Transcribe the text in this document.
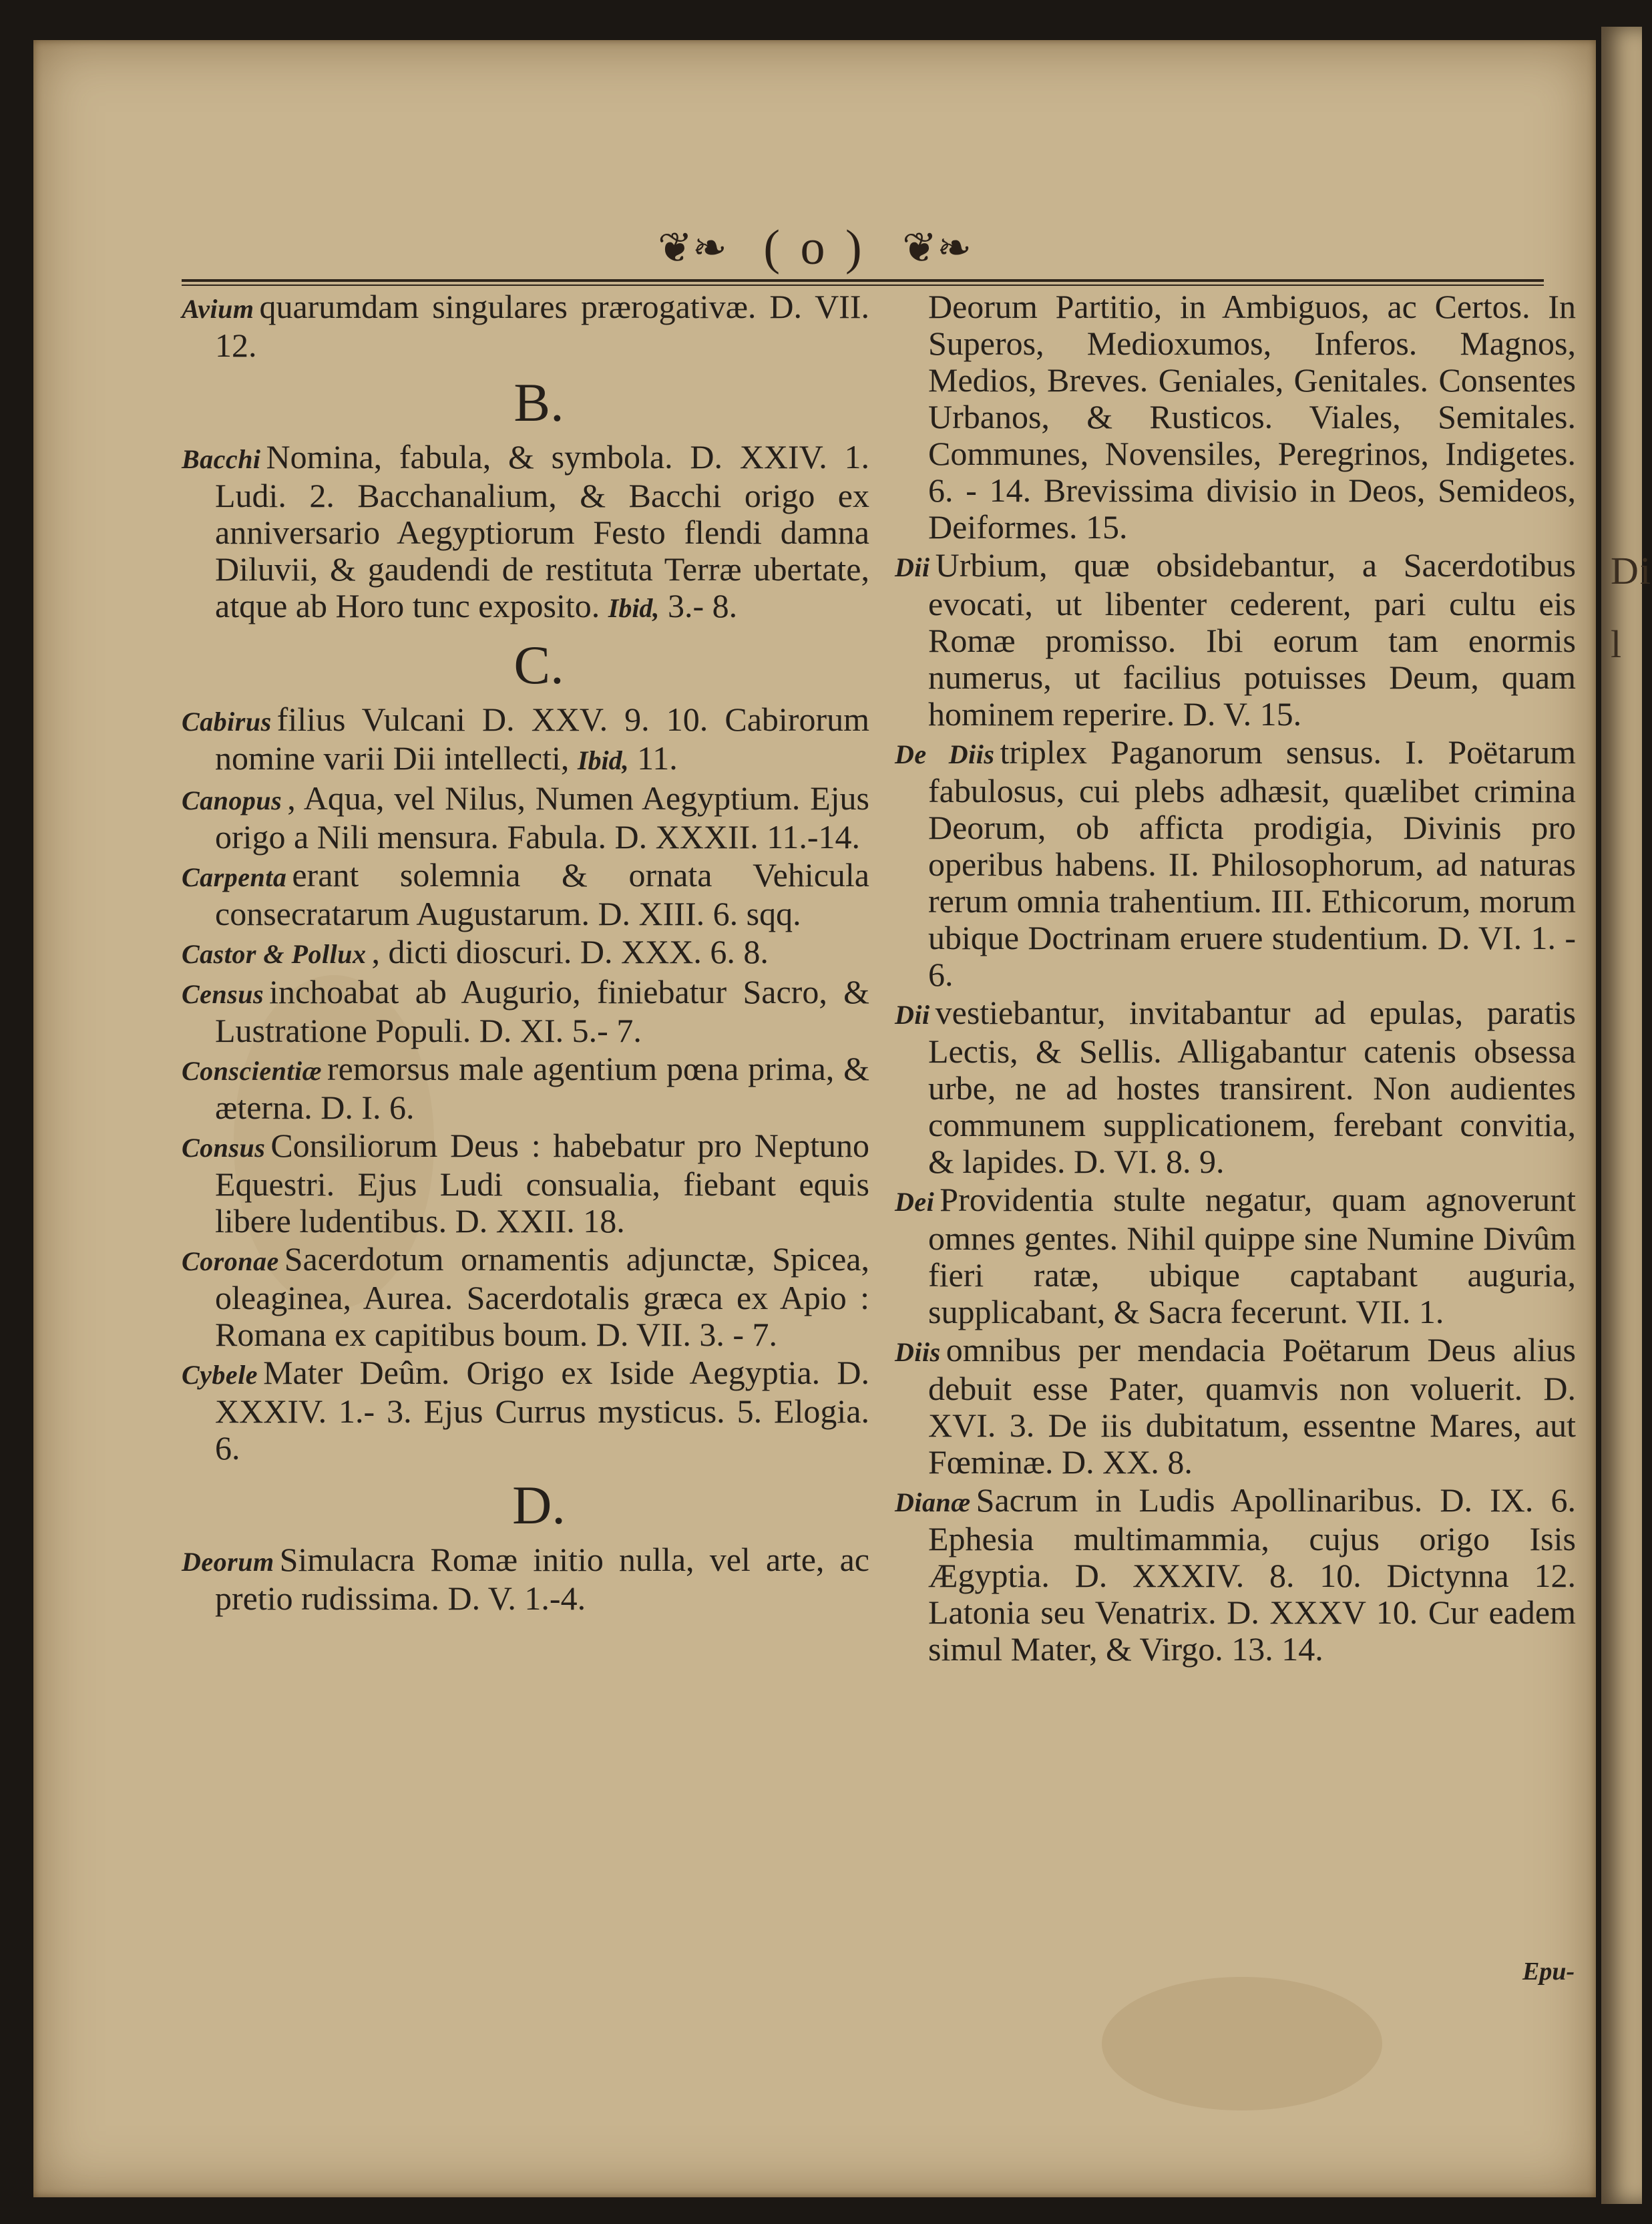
Di l
❦❧ ( o ) ❦❧
Avium quarumdam singulares prærogativæ. D. VII. 12.
B.
Bacchi Nomina, fabula, & symbola. D. XXIV. 1. Ludi. 2. Bacchanalium, & Bacchi origo ex anniversario Aegyptiorum Festo flendi damna Diluvii, & gaudendi de restituta Terræ ubertate, atque ab Horo tunc exposito. Ibid, 3.- 8.
C.
Cabirus filius Vulcani D. XXV. 9. 10. Cabirorum nomine varii Dii intellecti, Ibid, 11.
Canopus , Aqua, vel Nilus, Numen Aegyptium. Ejus origo a Nili mensura. Fabula. D. XXXII. 11.-14.
Carpenta erant solemnia & ornata Vehicula consecratarum Augustarum. D. XIII. 6. sqq.
Castor & Pollux , dicti dioscuri. D. XXX. 6. 8.
Census inchoabat ab Augurio, finiebatur Sacro, & Lustratione Populi. D. XI. 5.- 7.
Conscientiæ remorsus male agentium pœna prima, & æterna. D. I. 6.
Consus Consiliorum Deus : habebatur pro Neptuno Equestri. Ejus Ludi consualia, fiebant equis libere ludentibus. D. XXII. 18.
Coronae Sacerdotum ornamentis adjunctæ, Spicea, oleaginea, Aurea. Sacerdotalis græca ex Apio : Romana ex capitibus boum. D. VII. 3. - 7.
Cybele Mater Deûm. Origo ex Iside Aegyptia. D. XXXIV. 1.- 3. Ejus Currus mysticus. 5. Elogia. 6.
D.
Deorum Simulacra Romæ initio nulla, vel arte, ac pretio rudissima. D. V. 1.-4.
Deorum Partitio, in Ambiguos, ac Certos. In Superos, Medioxumos, Inferos. Magnos, Medios, Breves. Geniales, Genitales. Consentes Urbanos, & Rusticos. Viales, Semitales. Communes, Novensiles, Peregrinos, Indigetes. 6. - 14. Brevissima divisio in Deos, Semideos, Deiformes. 15.
Dii Urbium, quæ obsidebantur, a Sacerdotibus evocati, ut libenter cederent, pari cultu eis Romæ promisso. Ibi eorum tam enormis numerus, ut facilius potuisses Deum, quam hominem reperire. D. V. 15.
De Diis triplex Paganorum sensus. I. Poëtarum fabulosus, cui plebs adhæsit, quælibet crimina Deorum, ob afficta prodigia, Divinis pro operibus habens. II. Philosophorum, ad naturas rerum omnia trahentium. III. Ethicorum, morum ubique Doctrinam eruere studentium. D. VI. 1. - 6.
Dii vestiebantur, invitabantur ad epulas, paratis Lectis, & Sellis. Alligabantur catenis obsessa urbe, ne ad hostes transirent. Non audientes communem supplicationem, ferebant convitia, & lapides. D. VI. 8. 9.
Dei Providentia stulte negatur, quam agnoverunt omnes gentes. Nihil quippe sine Numine Divûm fieri ratæ, ubique captabant auguria, supplicabant, & Sacra fecerunt. VII. 1.
Diis omnibus per mendacia Poëtarum Deus alius debuit esse Pater, quamvis non voluerit. D. XVI. 3. De iis dubitatum, essentne Mares, aut Fœminæ. D. XX. 8.
Dianæ Sacrum in Ludis Apollinaribus. D. IX. 6. Ephesia multimammia, cujus origo Isis Ægyptia. D. XXXIV. 8. 10. Dictynna 12. Latonia seu Venatrix. D. XXXV 10. Cur eadem simul Mater, & Virgo. 13. 14.
Epu-
